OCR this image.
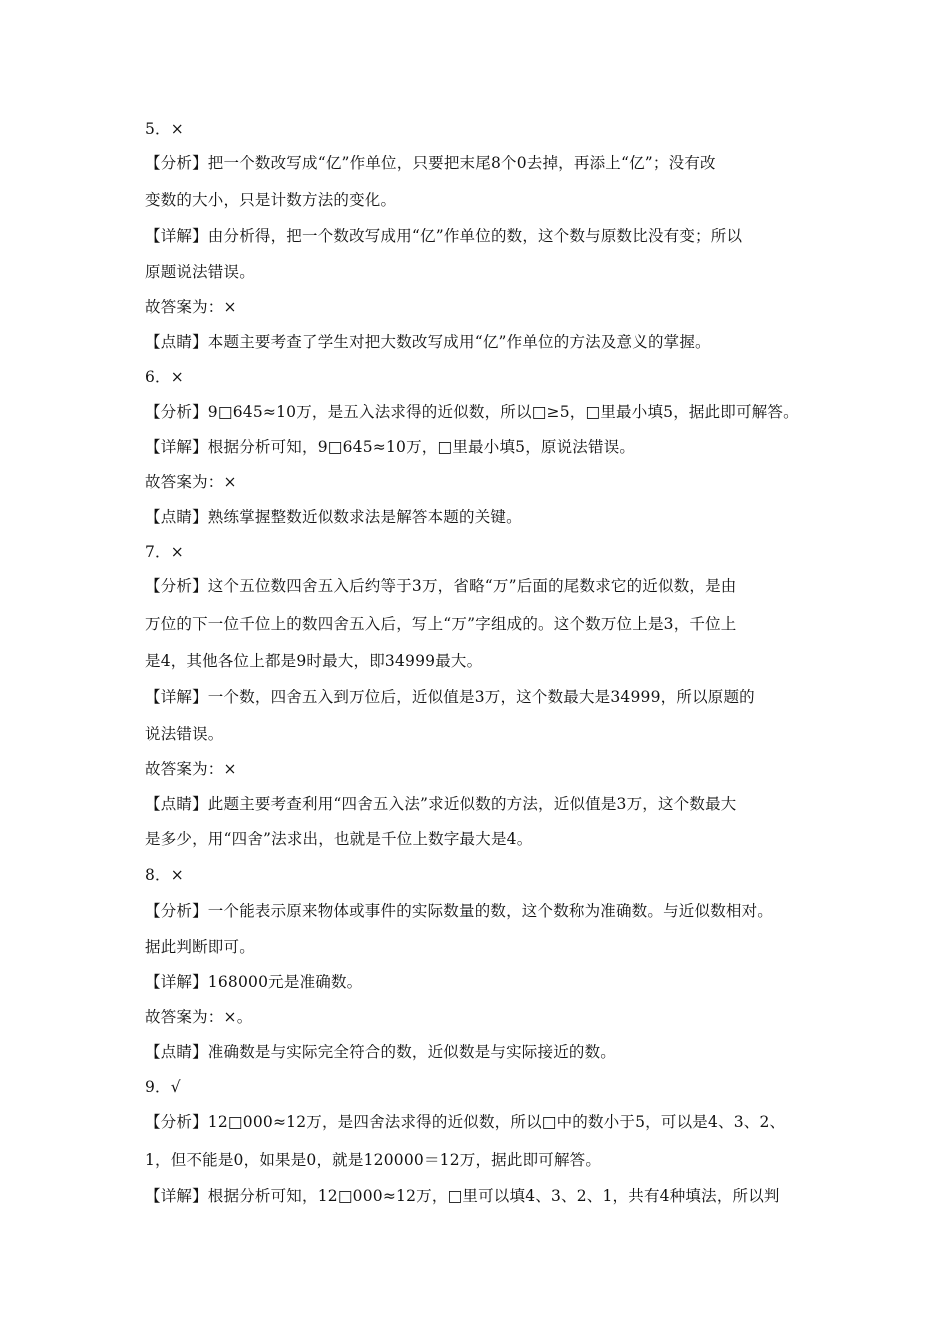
5．×
【分析】把一个数改写成“亿”作单位，只要把末尾8个0去掉，再添上“亿”；没有改
变数的大小，只是计数方法的变化。
【详解】由分析得，把一个数改写成用“亿”作单位的数，这个数与原数比没有变；所以
原题说法错误。
故答案为：×
【点睛】本题主要考查了学生对把大数改写成用“亿”作单位的方法及意义的掌握。
6．×
【分析】9□645≈10万，是五入法求得的近似数，所以□≥5，□里最小填5，据此即可解答。
【详解】根据分析可知，9□645≈10万，□里最小填5，原说法错误。
故答案为：×
【点睛】熟练掌握整数近似数求法是解答本题的关键。
7．×
【分析】这个五位数四舍五入后约等于3万，省略“万”后面的尾数求它的近似数，是由
万位的下一位千位上的数四舍五入后，写上“万”字组成的。这个数万位上是3，千位上
是4，其他各位上都是9时最大，即34999最大。
【详解】一个数，四舍五入到万位后，近似值是3万，这个数最大是34999，所以原题的
说法错误。
故答案为：×
【点睛】此题主要考查利用“四舍五入法”求近似数的方法，近似值是3万，这个数最大
是多少，用“四舍”法求出，也就是千位上数字最大是4。
8．×
【分析】一个能表示原来物体或事件的实际数量的数，这个数称为准确数。与近似数相对。
据此判断即可。
【详解】168000元是准确数。
故答案为：×。
【点睛】准确数是与实际完全符合的数，近似数是与实际接近的数。
9．√
【分析】12□000≈12万，是四舍法求得的近似数，所以□中的数小于5，可以是4、3、2、
1，但不能是0，如果是0，就是120000＝12万，据此即可解答。
【详解】根据分析可知，12□000≈12万，□里可以填4、3、2、1，共有4种填法，所以判
